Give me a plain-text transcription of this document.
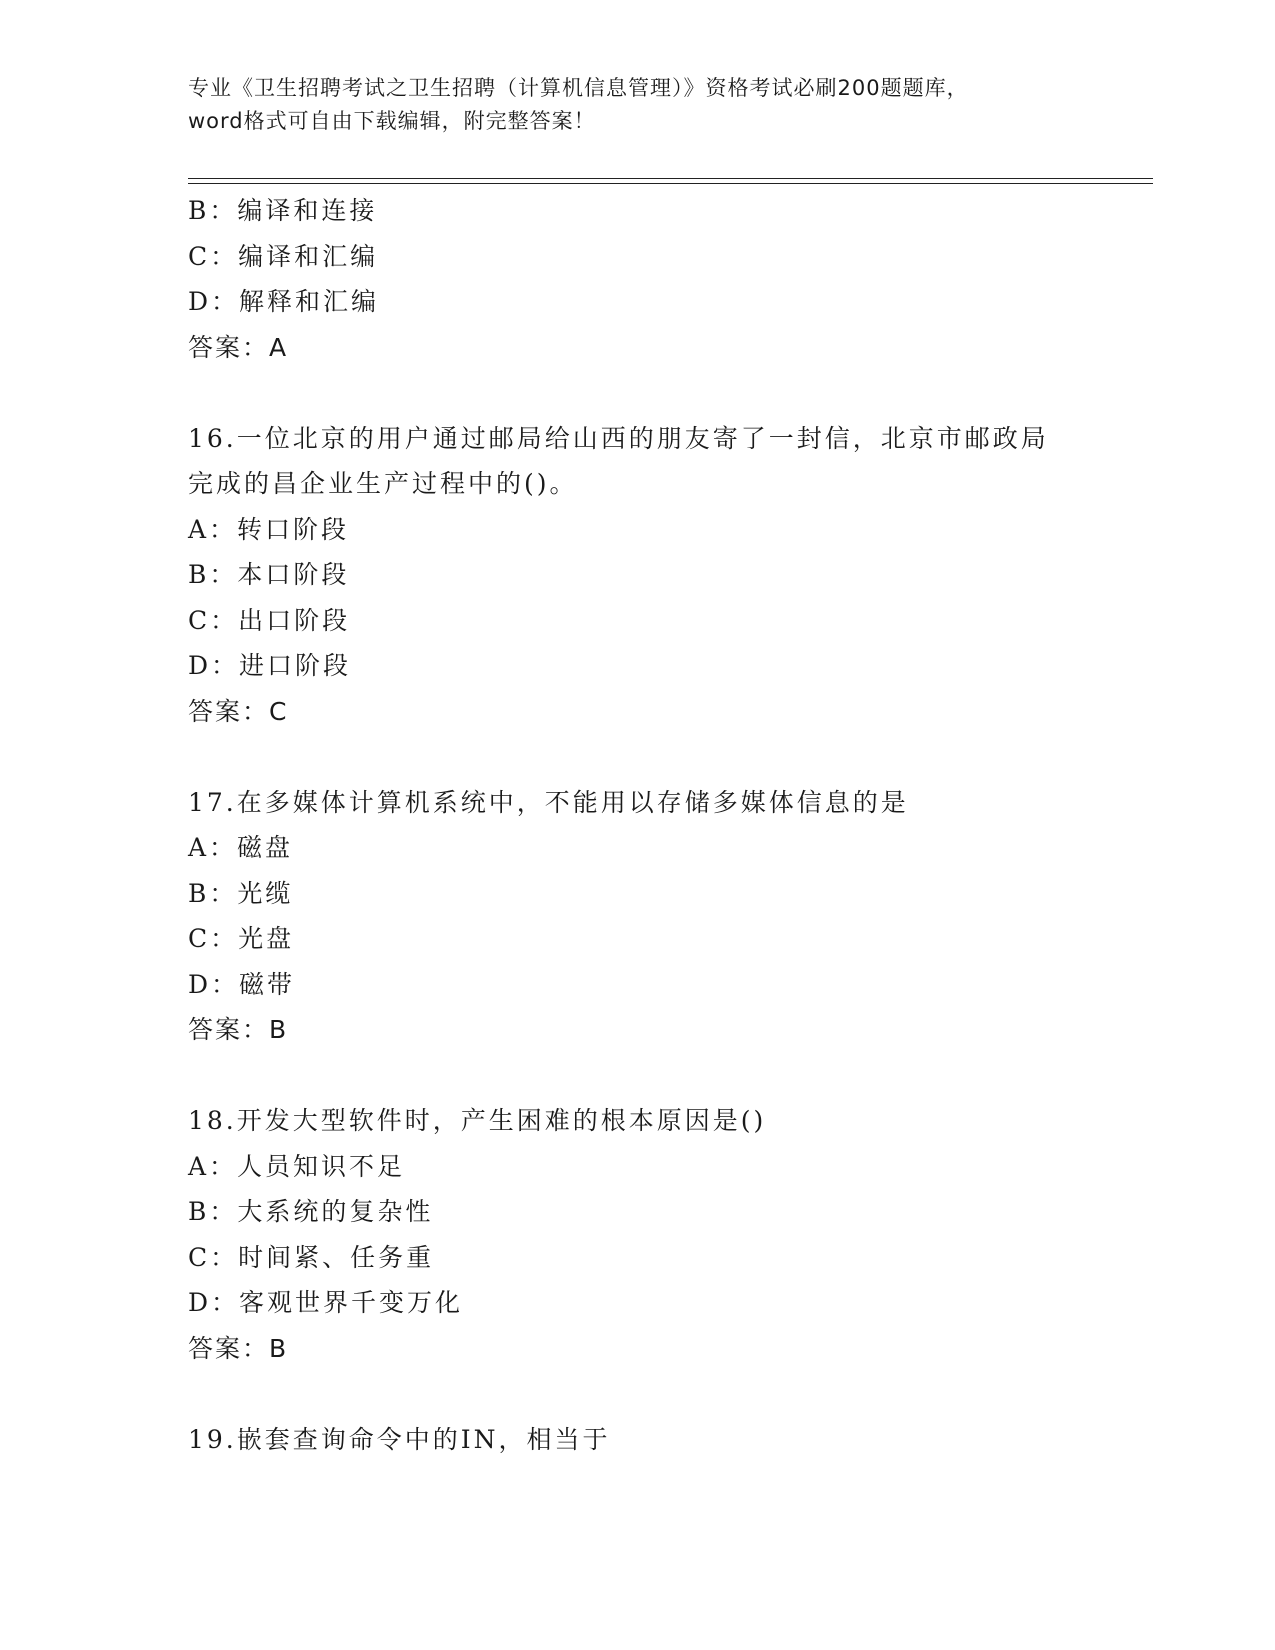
专业《卫生招聘考试之卫生招聘（计算机信息管理）》资格考试必刷200题题库，
word格式可自由下载编辑，附完整答案！
B：编译和连接
C：编译和汇编
D：解释和汇编
答案：A
16.一位北京的用户通过邮局给山西的朋友寄了一封信，北京市邮政局
完成的昌企业生产过程中的()。
A：转口阶段
B：本口阶段
C：出口阶段
D：进口阶段
答案：C
17.在多媒体计算机系统中，不能用以存储多媒体信息的是
A：磁盘
B：光缆
C：光盘
D：磁带
答案：B
18.开发大型软件时，产生困难的根本原因是()
A：人员知识不足
B：大系统的复杂性
C：时间紧、任务重
D：客观世界千变万化
答案：B
19.嵌套查询命令中的IN，相当于
